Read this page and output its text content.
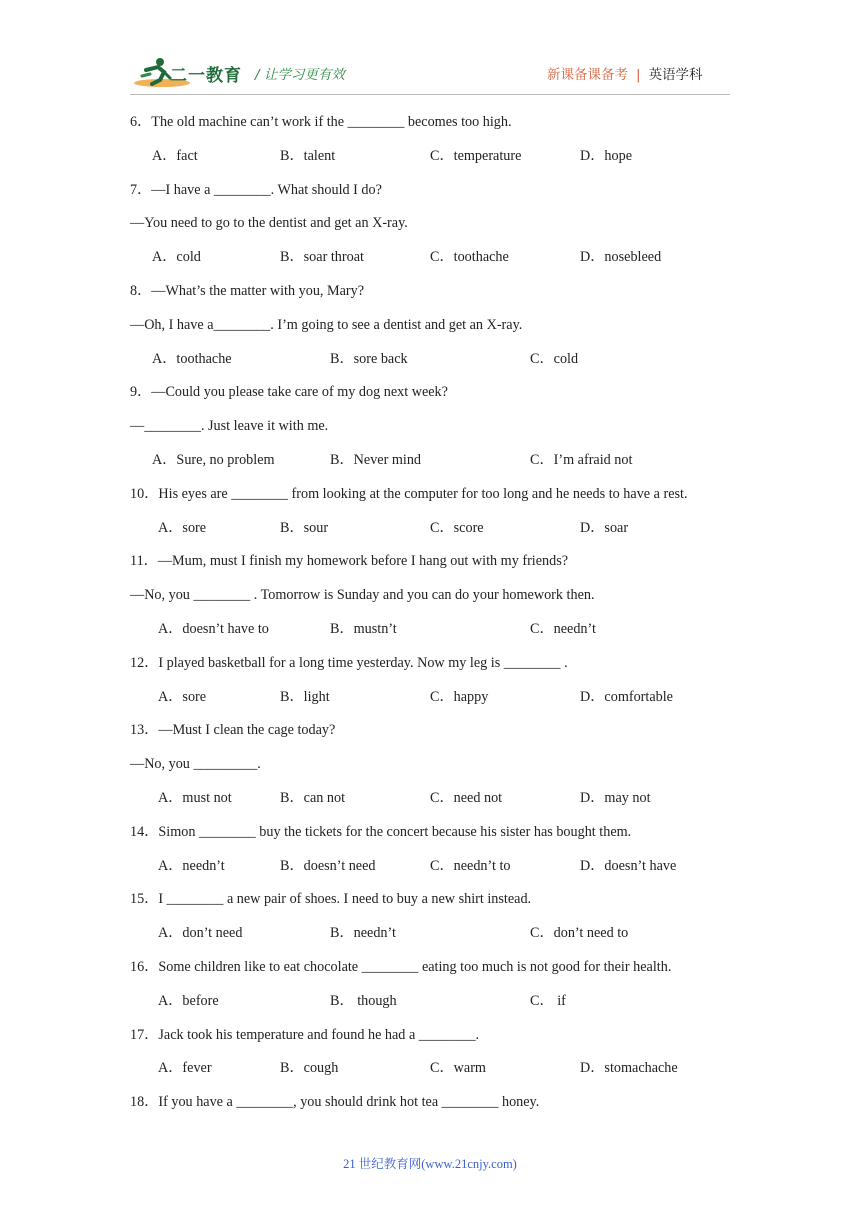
二一教育 / 让学习更有效	新课备课备考 | 英语学科
6．The old machine can’t work if the ________ becomes too high.
A．fact	B．talent	C．temperature	D．hope
7．—I have a ________. What should I do?
—You need to go to the dentist and get an X-ray.
A．cold	B．soar throat	C．toothache	D．nosebleed
8．—What’s the matter with you, Mary?
—Oh, I have a________. I’m going to see a dentist and get an X-ray.
A．toothache	B．sore back	C．cold
9．—Could you please take care of my dog next week?
—________. Just leave it with me.
A．Sure, no problem	B．Never mind	C．I’m afraid not
10．His eyes are ________ from looking at the computer for too long and he needs to have a rest.
A．sore	B．sour	C．score	D．soar
11．—Mum, must I finish my homework before I hang out with my friends?
—No, you ________ . Tomorrow is Sunday and you can do your homework then.
A．doesn’t have to	B．mustn’t	C．needn’t
12．I played basketball for a long time yesterday. Now my leg is ________ .
A．sore	B．light	C．happy	D．comfortable
13．—Must I clean the cage today?
—No, you _________.
A．must not	B．can not	C．need not	D．may not
14．Simon ________ buy the tickets for the concert because his sister has bought them.
A．needn’t	B．doesn’t need	C．needn’t to	D．doesn’t have
15．I ________ a new pair of shoes. I need to buy a new shirt instead.
A．don’t need	B．needn’t	C．don’t need to
16．Some children like to eat chocolate ________ eating too much is not good for their health.
A．before	B． though	C． if
17．Jack took his temperature and found he had a ________.
A．fever	B．cough	C．warm	D．stomachache
18．If you have a ________, you should drink hot tea ________ honey.
21 世纪教育网(www.21cnjy.com)
